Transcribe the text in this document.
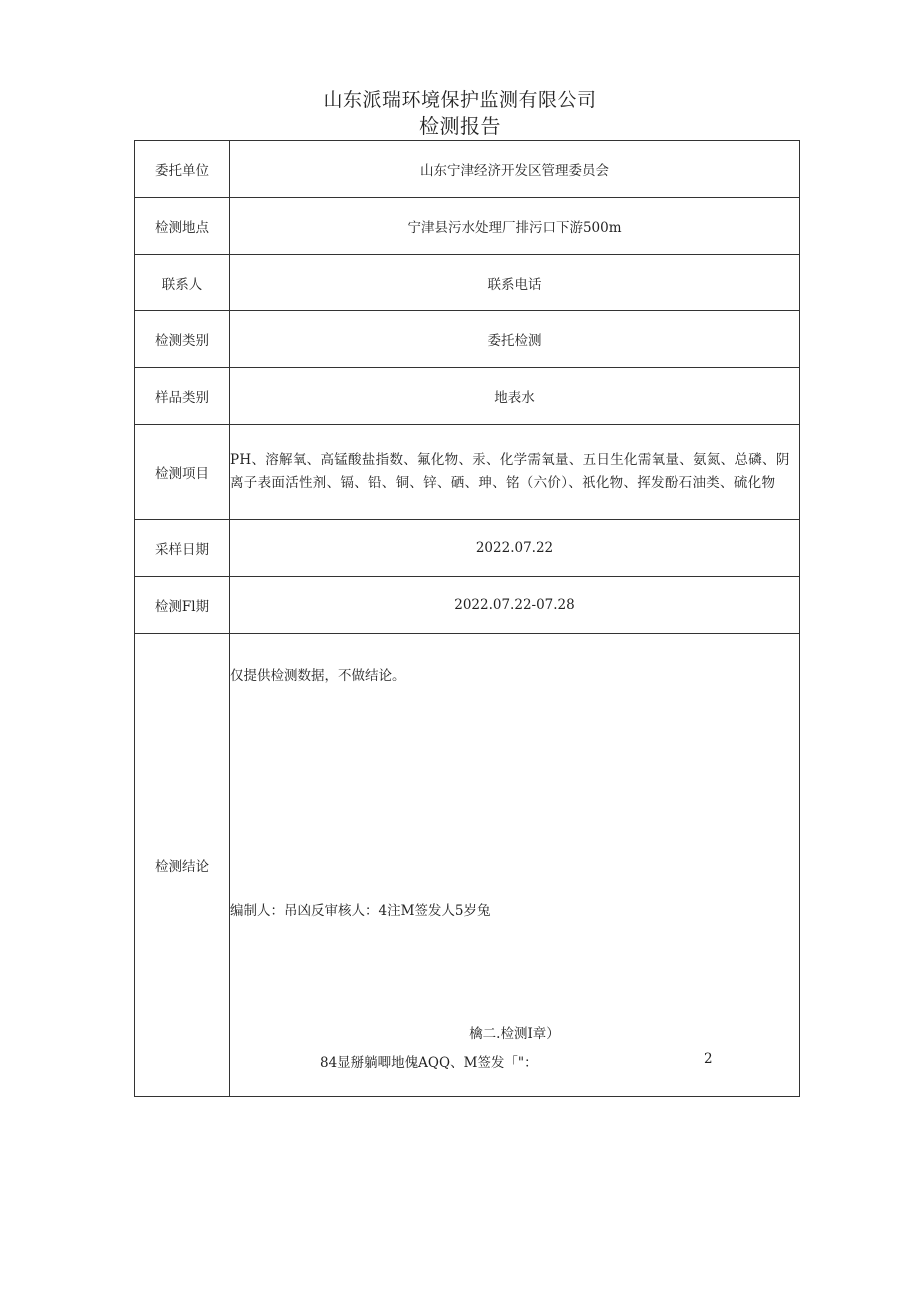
山东派瑞环境保护监测有限公司
检测报告
委托单位	山东宁津经济开发区管理委员会
检测地点	宁津县污水处理厂排污口下游500m
联系人	联系电话
检测类别	委托检测
样品类别	地表水
检测项目	PH、溶解氧、高锰酸盐指数、氟化物、汞、化学需氧量、五日生化需氧量、氨氮、总磷、阴离子表面活性剂、镉、铅、铜、锌、硒、珅、铭（六价）、祇化物、挥发酚石油类、硫化物
采样日期	2022.07.22
检测Fl期	2022.07.22-07.28
检测结论	仅提供检测数据，不做结论。
编制人：吊凶反审核人：4注M签发人5岁兔
檎二.检测I章）
84显掰躺唧地傀AQQ、M签发「"： 2
